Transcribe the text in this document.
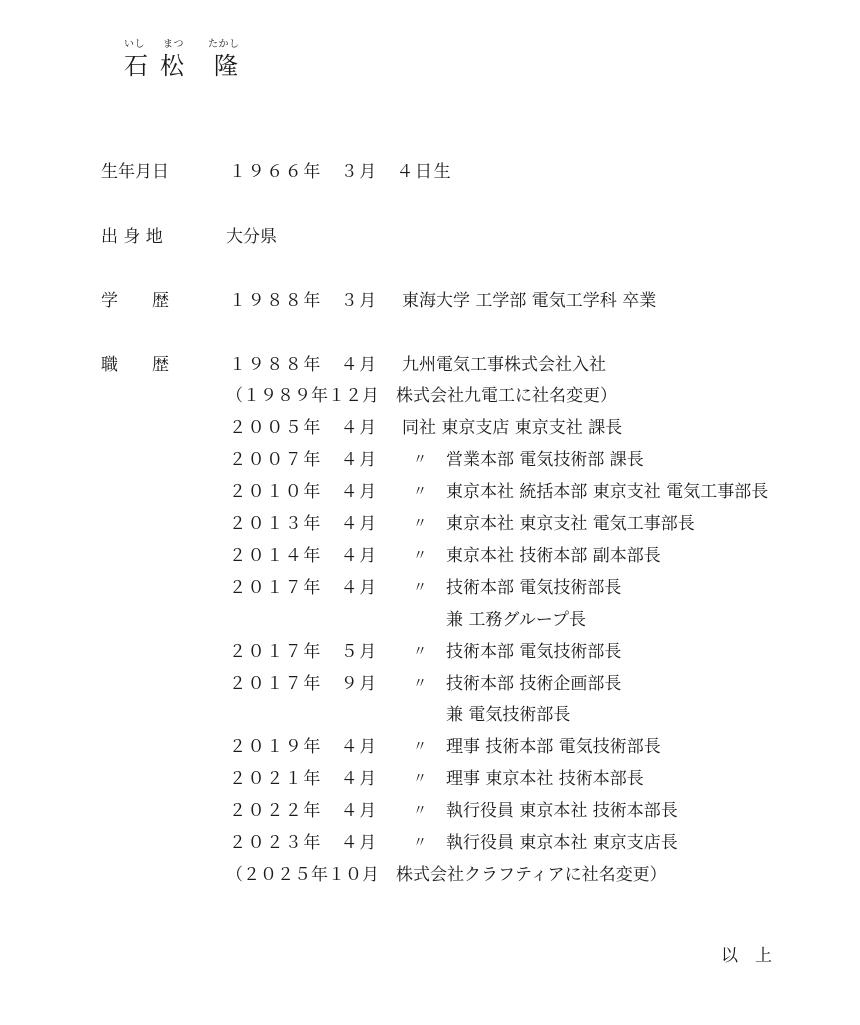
いし まつ たかし
石 松 隆
生年月日	１９６６年　３月　４日生
出 身 地	大分県
学　　歴	１９８８年　３月 東海大学 工学部 電気工学科 卒業
職　　歴	１９８８年　４月 九州電気工事株式会社入社
（１９８９年１２月　株式会社九電工に社名変更）
２００５年　４月 同社 東京支店 東京支社 課長
２００７年　４月	〃 営業本部 電気技術部 課長
２０１０年　４月	〃 東京本社 統括本部 東京支社 電気工事部長
２０１３年　４月	〃 東京本社 東京支社 電気工事部長
２０１４年　４月	〃 東京本社 技術本部 副本部長
２０１７年　４月	〃 技術本部 電気技術部長
兼 工務グループ長
２０１７年　５月	〃 技術本部 電気技術部長
２０１７年　９月	〃 技術本部 技術企画部長
兼 電気技術部長
２０１９年　４月	〃 理事 技術本部 電気技術部長
２０２１年　４月	〃 理事 東京本社 技術本部長
２０２２年　４月	〃 執行役員 東京本社 技術本部長
２０２３年　４月	〃 執行役員 東京本社 東京支店長
（２０２５年１０月　株式会社クラフティアに社名変更）
以　上
